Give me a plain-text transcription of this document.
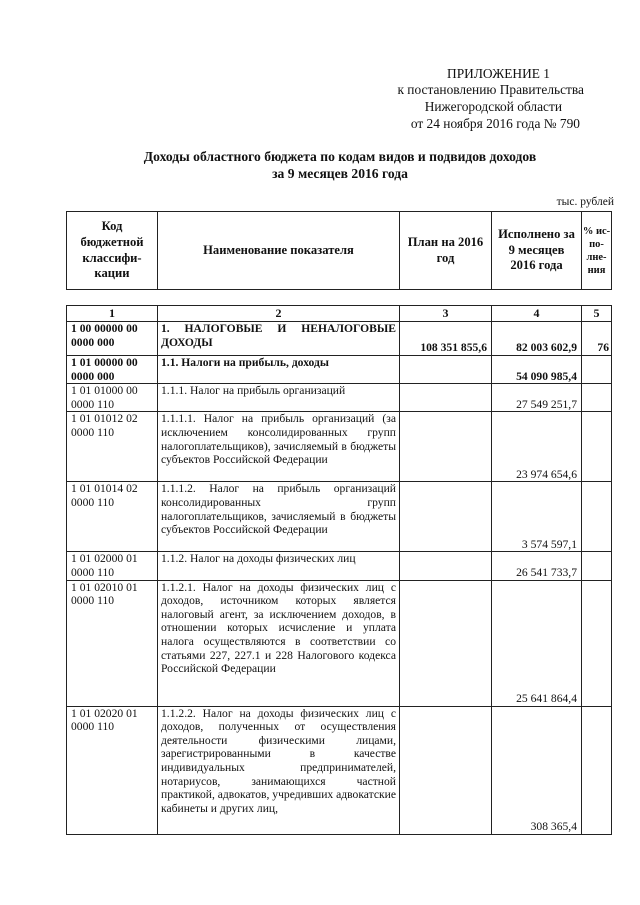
ПРИЛОЖЕНИЕ 1
к постановлению Правительства
Нижегородской области
от 24 ноября 2016 года № 790
Доходы областного бюджета по кодам видов и подвидов доходов
за 9 месяцев 2016 года
тыс. рублей
Код бюджетной классифи-кации	Наименование показателя	План на 2016 год	Исполнено за 9 месяцев 2016 года	% ис-по-лне-ния
1	2	3	4	5
1 00 00000 00 0000 000	1. НАЛОГОВЫЕ И НЕНАЛОГОВЫЕ ДОХОДЫ	108 351 855,6	82 003 602,9	76
1 01 00000 00 0000 000	1.1. Налоги на прибыль, доходы		54 090 985,4	
1 01 01000 00 0000 110	1.1.1. Налог на прибыль организаций		27 549 251,7	
1 01 01012 02 0000 110	1.1.1.1. Налог на прибыль организаций (за исключением консолидированных групп налогоплательщиков), зачисляемый в бюджеты субъектов Российской Федерации		23 974 654,6	
1 01 01014 02 0000 110	1.1.1.2. Налог на прибыль организаций консолидированных групп налогоплательщиков, зачисляемый в бюджеты субъектов Российской Федерации		3 574 597,1	
1 01 02000 01 0000 110	1.1.2. Налог на доходы физических лиц		26 541 733,7	
1 01 02010 01 0000 110	1.1.2.1. Налог на доходы физических лиц с доходов, источником которых является налоговый агент, за исключением доходов, в отношении которых исчисление и уплата налога осуществляются в соответствии со статьями 227, 227.1 и 228 Налогового кодекса Российской Федерации		25 641 864,4	
1 01 02020 01 0000 110	1.1.2.2. Налог на доходы физических лиц с доходов, полученных от осуществления деятельности физическими лицами, зарегистрированными в качестве индивидуальных предпринимателей, нотариусов, занимающихся частной практикой, адвокатов, учредивших адвокатские кабинеты и других лиц,		308 365,4	
